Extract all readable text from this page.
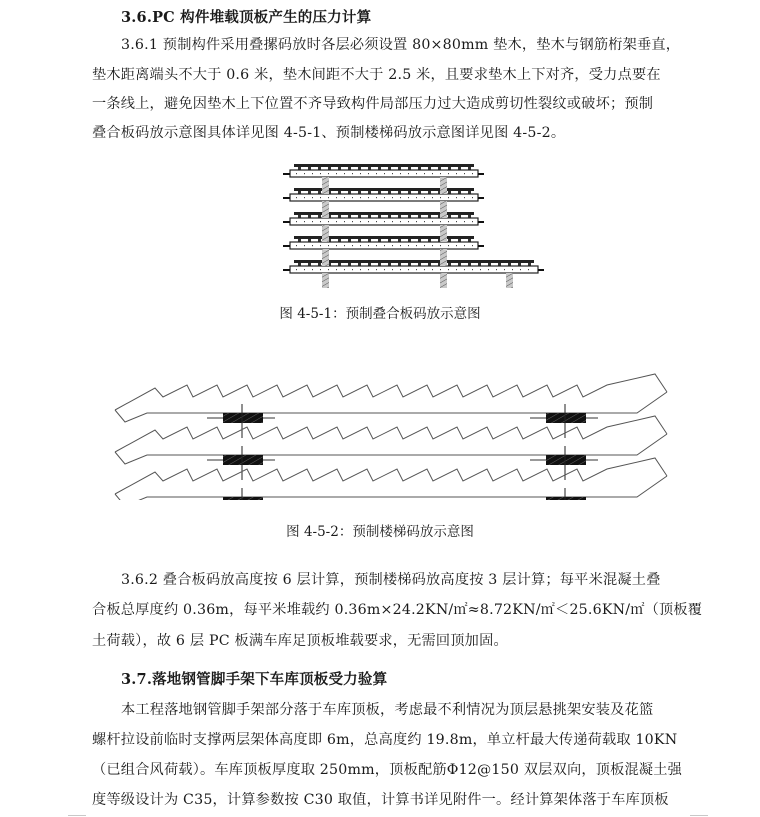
3.6.PC 构件堆载顶板产生的压力计算
3.6.1 预制构件采用叠摞码放时各层必须设置 80×80mm 垫木，垫木与钢筋桁架垂直，
垫木距离端头不大于 0.6 米，垫木间距不大于 2.5 米，且要求垫木上下对齐，受力点要在
一条线上，避免因垫木上下位置不齐导致构件局部压力过大造成剪切性裂纹或破坏；预制
叠合板码放示意图具体详见图 4-5-1、预制楼梯码放示意图详见图 4-5-2。
图 4-5-1：预制叠合板码放示意图
图 4-5-2：预制楼梯码放示意图
3.6.2 叠合板码放高度按 6 层计算，预制楼梯码放高度按 3 层计算；每平米混凝土叠
合板总厚度约 0.36m，每平米堆载约 0.36m×24.2KN/㎡≈8.72KN/㎡＜25.6KN/㎡（顶板覆
土荷载），故 6 层 PC 板满车库足顶板堆载要求，无需回顶加固。
3.7.落地钢管脚手架下车库顶板受力验算
本工程落地钢管脚手架部分落于车库顶板，考虑最不利情况为顶层悬挑架安装及花篮
螺杆拉设前临时支撑两层架体高度即 6m，总高度约 19.8m，单立杆最大传递荷载取 10KN
（已组合风荷载）。车库顶板厚度取 250mm，顶板配筋Φ12@150 双层双向，顶板混凝土强
度等级设计为 C35，计算参数按 C30 取值，计算书详见附件一。经计算架体落于车库顶板
